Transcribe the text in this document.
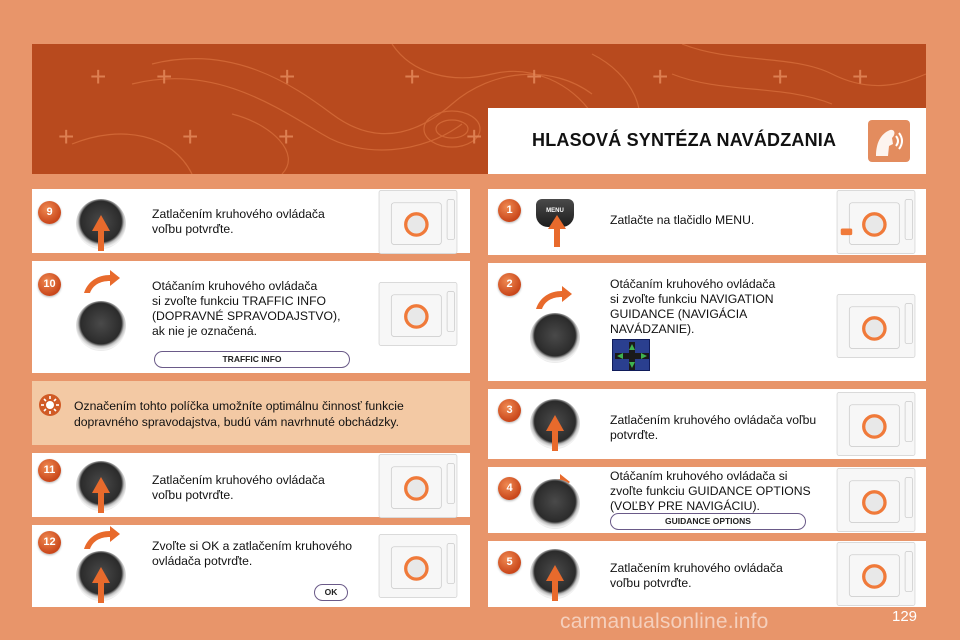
+ +	+	+	+	+	+ +
+	+	+	+	HLASOVÁ SYNTÉZA NAVÁDZANIA
9	Zatlačením kruhového ovládača
voľbu potvrďte.
10	Otáčaním kruhového ovládača
si zvoľte funkciu TRAFFIC INFO
(DOPRAVNÉ SPRAVODAJSTVO),
ak nie je označená.
TRAFFIC INFO
Označením tohto políčka umožníte optimálnu činnosť funkcie
dopravného spravodajstva, budú vám navrhnuté obchádzky.
11
Zatlačením kruhového ovládača
voľbu potvrďte.
12	Zvoľte si OK a zatlačením kruhového
ovládača potvrďte.
OK
1	MENU
Zatlačte na tlačidlo MENU.
2	Otáčaním kruhového ovládača
si zvoľte funkciu NAVIGATION
GUIDANCE (NAVIGÁCIA
NAVÁDZANIE).
3
Zatlačením kruhového ovládača voľbu
potvrďte.
4
Otáčaním kruhového ovládača si
zvoľte funkciu GUIDANCE OPTIONS
(VOĽBY PRE NAVIGÁCIU).
GUIDANCE OPTIONS
5	Zatlačením kruhového ovládača
voľbu potvrďte.
carmanualsonline.info	129
